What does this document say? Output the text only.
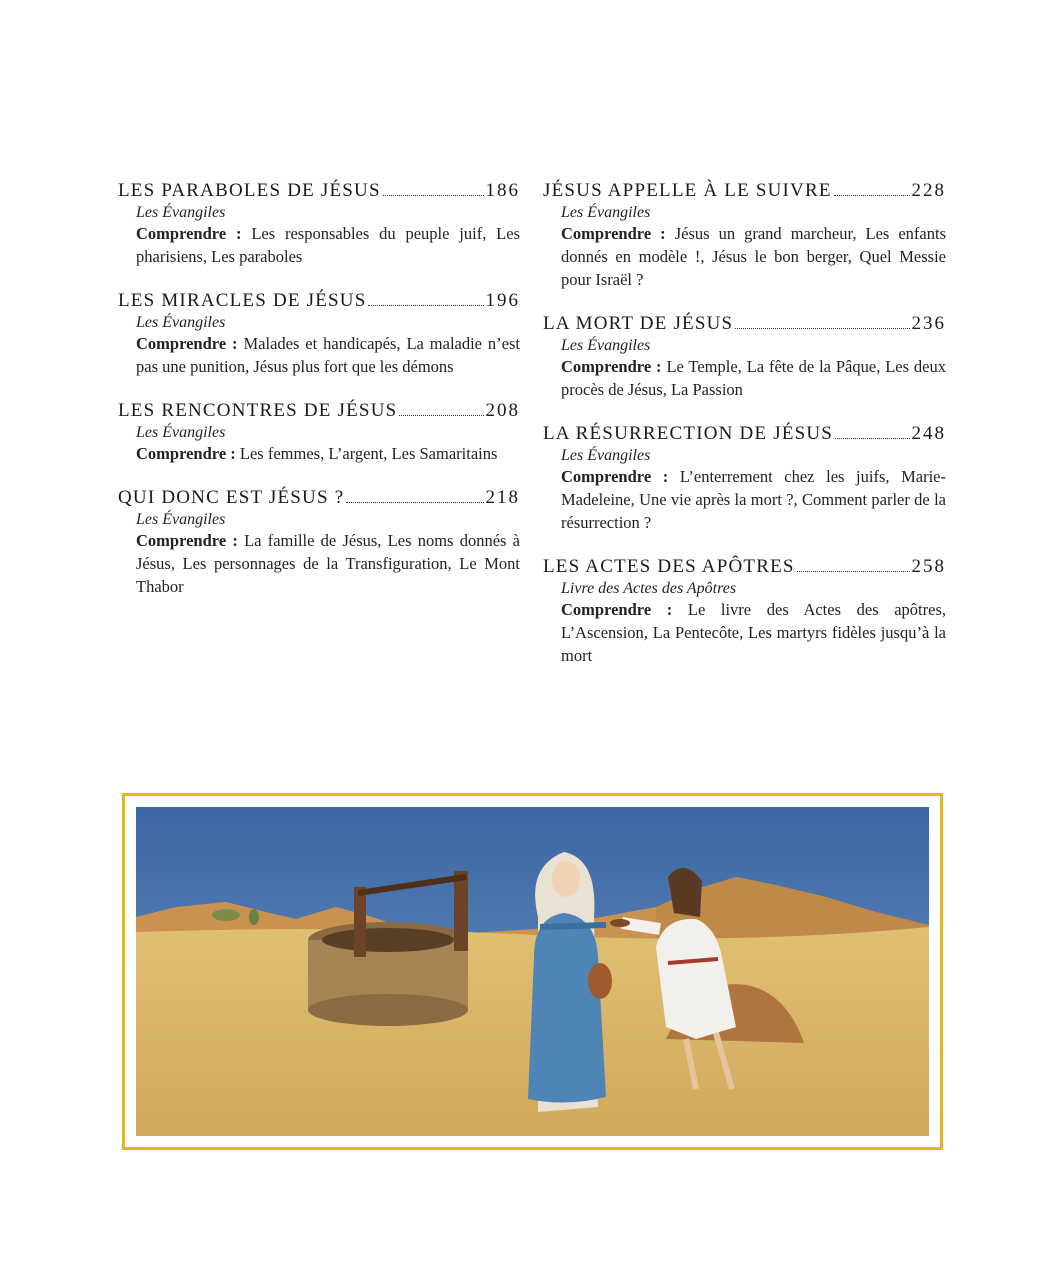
LES PARABOLES DE JÉSUS	186
Les Évangiles
Comprendre : Les responsables du peuple juif, Les pharisiens, Les paraboles
LES MIRACLES DE JÉSUS	196
Les Évangiles
Comprendre : Malades et handicapés, La maladie n’est pas une punition, Jésus plus fort que les démons
LES RENCONTRES DE JÉSUS	208
Les Évangiles
Comprendre : Les femmes, L’argent, Les Samaritains
QUI DONC EST JÉSUS ?	218
Les Évangiles
Comprendre : La famille de Jésus, Les noms donnés à Jésus, Les personnages de la Transfiguration, Le Mont Thabor
JÉSUS APPELLE À LE SUIVRE	228
Les Évangiles
Comprendre : Jésus un grand marcheur, Les enfants donnés en modèle !, Jésus le bon berger, Quel Messie pour Israël ?
LA MORT DE JÉSUS	236
Les Évangiles
Comprendre : Le Temple, La fête de la Pâque, Les deux procès de Jésus, La Passion
LA RÉSURRECTION DE JÉSUS	248
Les Évangiles
Comprendre : L’enterrement chez les juifs, Marie-Madeleine, Une vie après la mort ?, Comment parler de la résurrection ?
LES ACTES DES APÔTRES	258
Livre des Actes des Apôtres
Comprendre : Le livre des Actes des apôtres, L’Ascension, La Pentecôte, Les martyrs fidèles jusqu’à la mort
